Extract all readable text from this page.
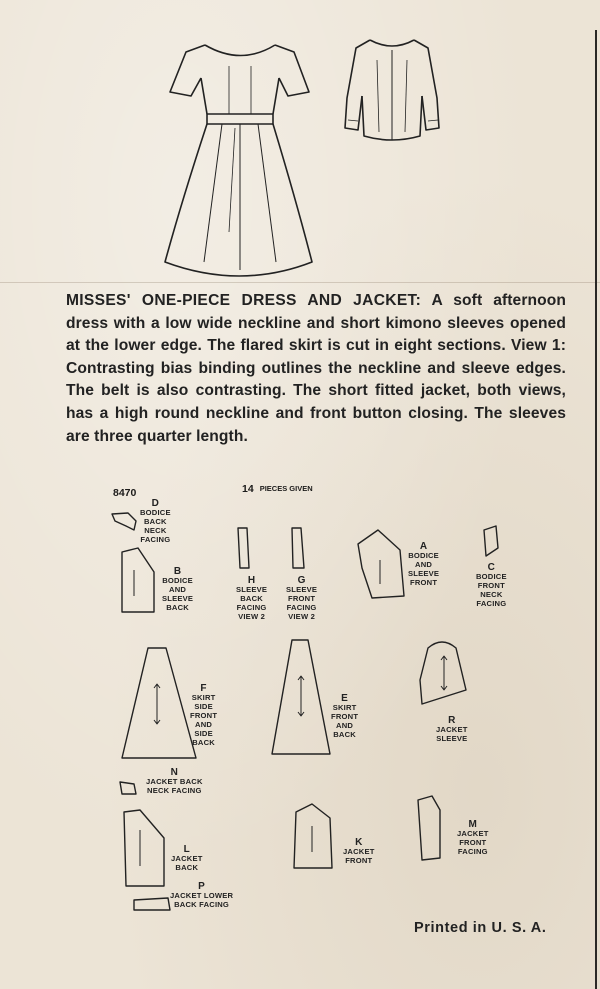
MISSES' ONE-PIECE DRESS AND JACKET: A soft afternoon dress with a low wide neckline and short kimono sleeves opened at the lower edge. The flared skirt is cut in eight sections. View 1: Contrasting bias binding outlines the neckline and sleeve edges. The belt is also contrasting. The short fitted jacket, both views, has a high round neckline and front button closing. The sleeves are three quarter length.
8470	14 PIECES GIVEN
D
BODICE
BACK
NECK
FACING
B
BODICE
AND
SLEEVE
BACK
H
SLEEVE
BACK
FACING
VIEW 2
G
SLEEVE
FRONT
FACING
VIEW 2
A
BODICE
AND
SLEEVE
FRONT
C
BODICE
FRONT
NECK
FACING
F
SKIRT
SIDE
FRONT
AND
SIDE
BACK
E
SKIRT
FRONT
AND
BACK
R
JACKET
SLEEVE
N
JACKET BACK
NECK FACING
L
JACKET
BACK
K
JACKET
FRONT
M
JACKET
FRONT
FACING
P
JACKET LOWER
BACK FACING
Printed in U. S. A.
